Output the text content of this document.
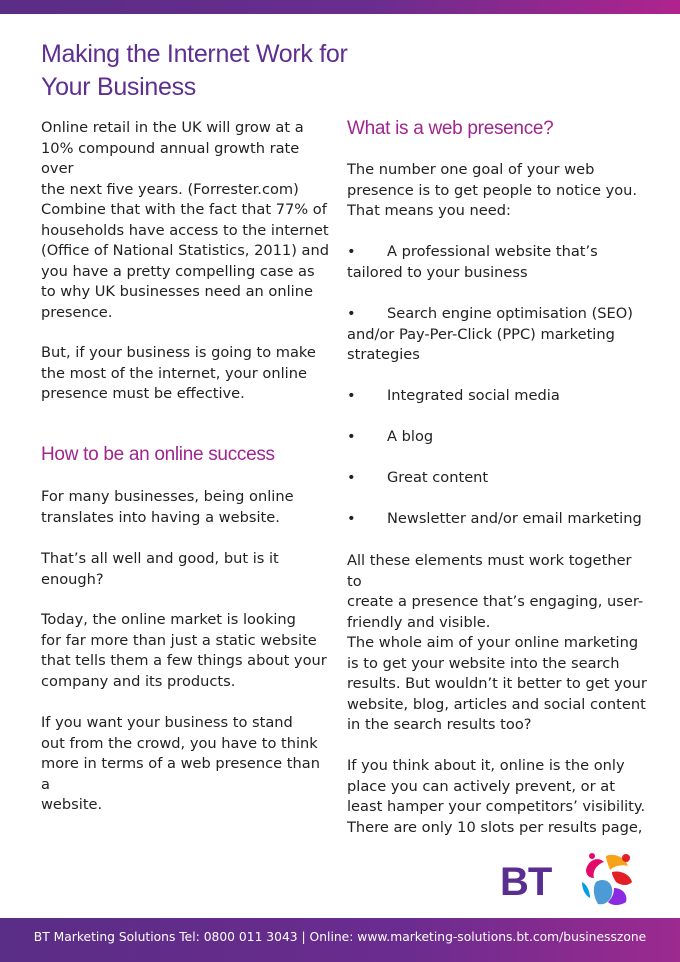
Making the Internet Work for Your Business

Online retail in the UK will grow at a
10% compound annual growth rate over
the next five years. (Forrester.com)

Combine that with the fact that 77% of
households have access to the internet
(Office of National Statistics, 2011) and
you have a pretty compelling case as
to why UK businesses need an online
presence.

But, if your business is going to make
the most of the internet, your online
presence must be effective.

How to be an online success

For many businesses, being online
translates into having a website.

That’s all well and good, but is it
enough?

Today, the online market is looking
for far more than just a static website
that tells them a few things about your
company and its products.

If you want your business to stand
out from the crowd, you have to think
more in terms of a web presence than a
website.

What is a web presence?

The number one goal of your web
presence is to get people to notice you.
That means you need:

• A professional website that’s
tailored to your business
• Search engine optimisation (SEO)
and/or Pay-Per-Click (PPC) marketing
strategies
• Integrated social media
• A blog
• Great content
• Newsletter and/or email marketing

All these elements must work together to
create a presence that’s engaging, user-
friendly and visible.

The whole aim of your online marketing
is to get your website into the search
results. But wouldn’t it better to get your
website, blog, articles and social content
in the search results too?

If you think about it, online is the only
place you can actively prevent, or at
least hamper your competitors’ visibility.
There are only 10 slots per results page,

BT
BT Marketing Solutions Tel: 0800 011 3043 | Online: www.marketing-solutions.bt.com/businesszone
